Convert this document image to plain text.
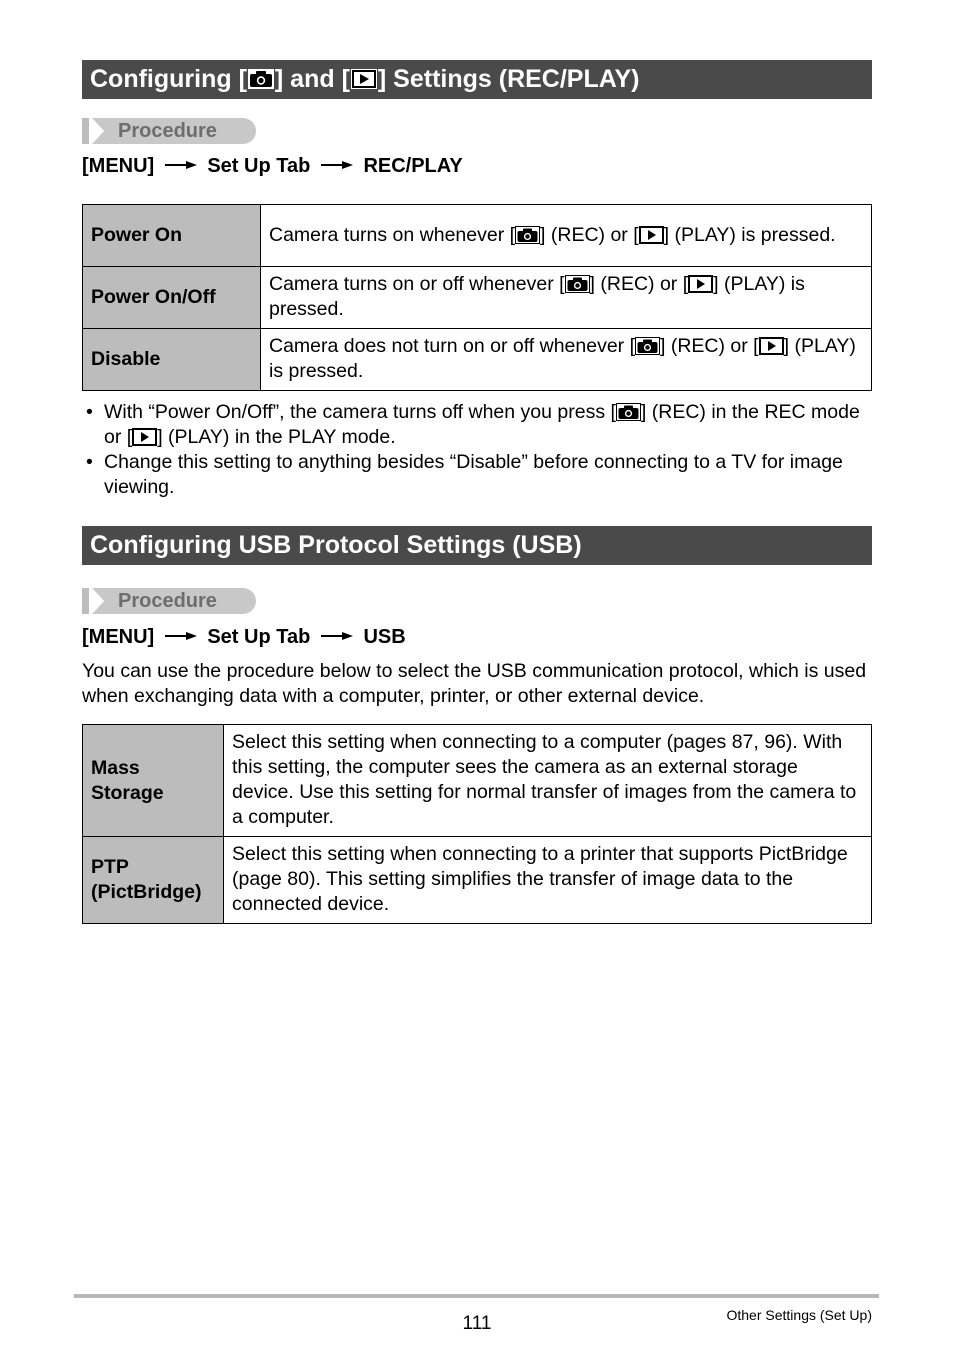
Configuring [ ] and [ ] Settings (REC/PLAY)
Procedure
[MENU]	Set Up Tab	REC/PLAY
Power On	Camera turns on whenever [ ] (REC) or [ ] (PLAY) is pressed.
Power On/Off	Camera turns on or off whenever [ ] (REC) or [ ] (PLAY) is pressed.
Disable	Camera does not turn on or off whenever [ ] (REC) or [ ] (PLAY) is pressed.
• With “Power On/Off”, the camera turns off when you press [ ] (REC) in the REC mode or [ ] (PLAY) in the PLAY mode.
• Change this setting to anything besides “Disable” before connecting to a TV for image viewing.
Configuring USB Protocol Settings (USB)
Procedure
[MENU]	Set Up Tab	USB
You can use the procedure below to select the USB communication protocol, which is used when exchanging data with a computer, printer, or other external device.
Mass
Storage	Select this setting when connecting to a computer (pages 87, 96). With this setting, the computer sees the camera as an external storage device. Use this setting for normal transfer of images from the camera to a computer.
PTP
(PictBridge)	Select this setting when connecting to a printer that supports PictBridge (page 80). This setting simplifies the transfer of image data to the connected device.
111	Other Settings (Set Up)
